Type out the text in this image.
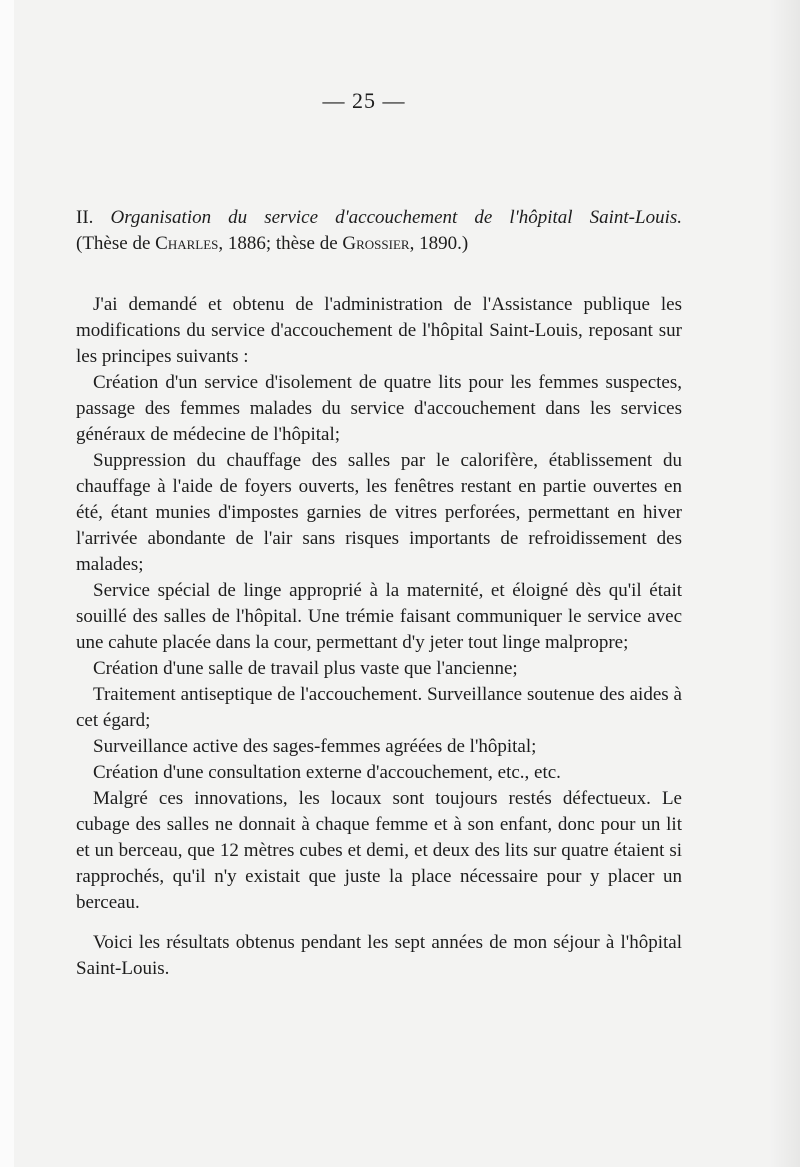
— 25 —
II. Organisation du service d'accouchement de l'hôpital Saint-Louis.
(Thèse de Charles, 1886; thèse de Grossier, 1890.)

J'ai demandé et obtenu de l'administration de l'Assistance publique les modifications du service d'accouchement de l'hôpital Saint-Louis, reposant sur les principes suivants :

Création d'un service d'isolement de quatre lits pour les femmes suspectes, passage des femmes malades du service d'accouchement dans les services généraux de médecine de l'hôpital;

Suppression du chauffage des salles par le calorifère, établissement du chauffage à l'aide de foyers ouverts, les fenêtres restant en partie ouvertes en été, étant munies d'impostes garnies de vitres perforées, permettant en hiver l'arrivée abondante de l'air sans risques importants de refroidissement des malades;

Service spécial de linge approprié à la maternité, et éloigné dès qu'il était souillé des salles de l'hôpital. Une trémie faisant communiquer le service avec une cahute placée dans la cour, permettant d'y jeter tout linge malpropre;

Création d'une salle de travail plus vaste que l'ancienne;

Traitement antiseptique de l'accouchement. Surveillance soutenue des aides à cet égard;

Surveillance active des sages-femmes agréées de l'hôpital;

Création d'une consultation externe d'accouchement, etc., etc.

Malgré ces innovations, les locaux sont toujours restés défectueux. Le cubage des salles ne donnait à chaque femme et à son enfant, donc pour un lit et un berceau, que 12 mètres cubes et demi, et deux des lits sur quatre étaient si rapprochés, qu'il n'y existait que juste la place nécessaire pour y placer un berceau.

Voici les résultats obtenus pendant les sept années de mon séjour à l'hôpital Saint-Louis.
